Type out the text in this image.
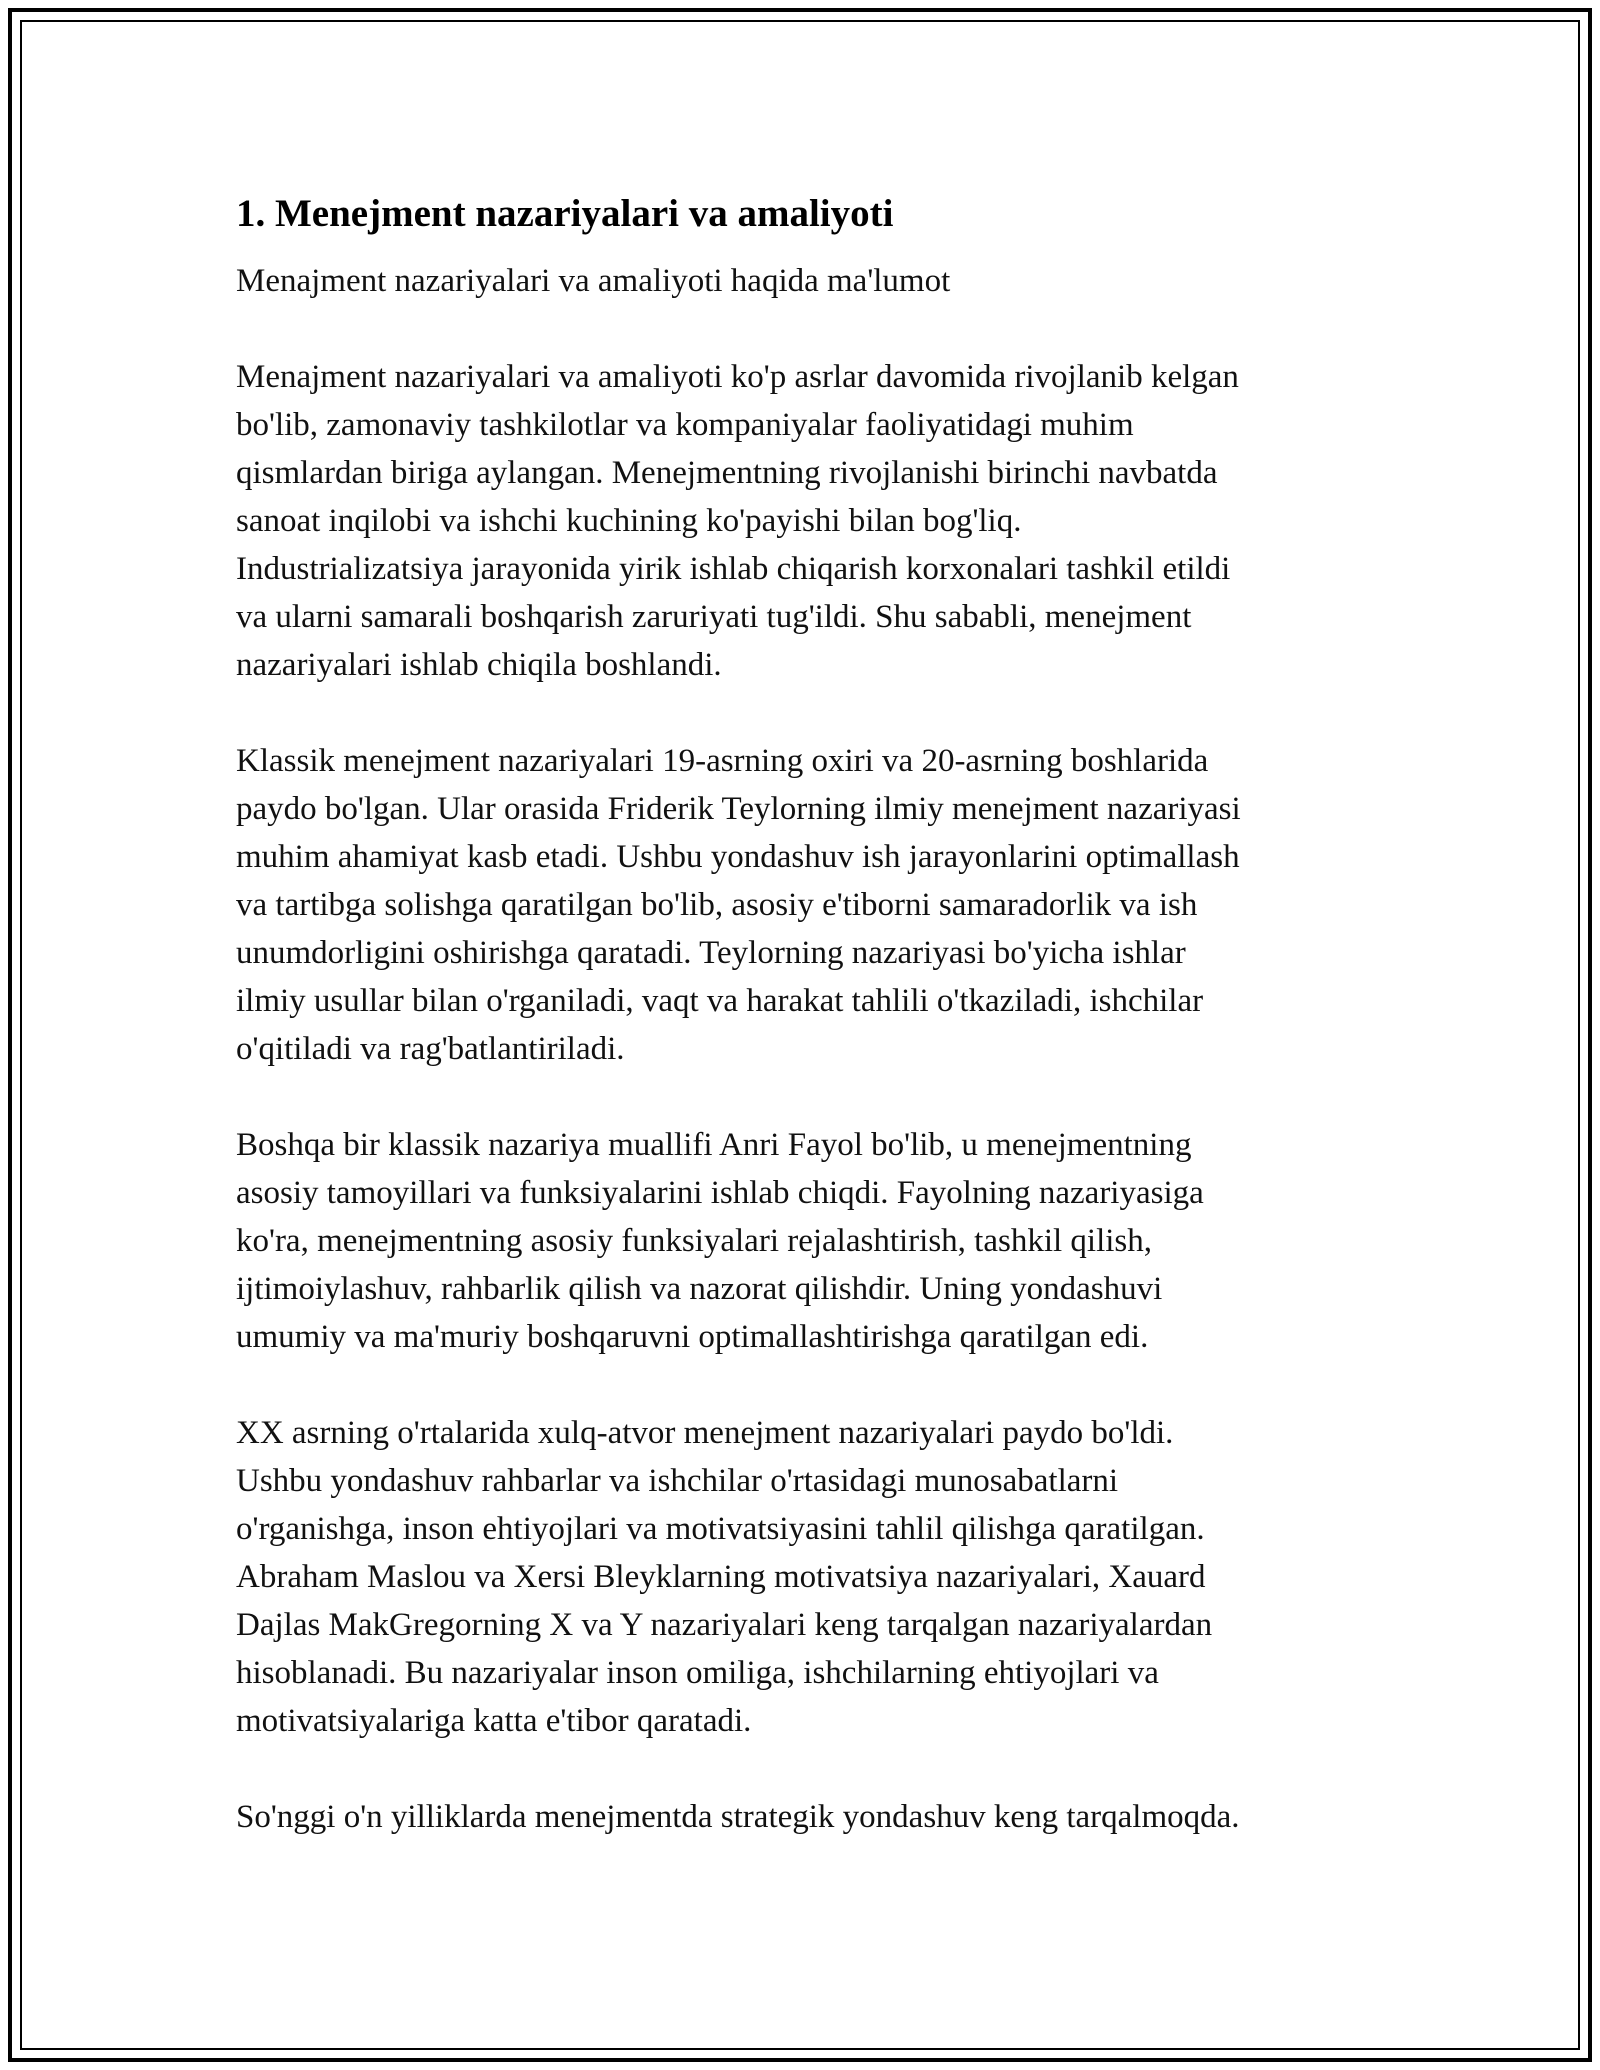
1. Menejment nazariyalari va amaliyoti
Menajment nazariyalari va amaliyoti haqida ma'lumot

Menajment nazariyalari va amaliyoti ko'p asrlar davomida rivojlanib kelgan
bo'lib, zamonaviy tashkilotlar va kompaniyalar faoliyatidagi muhim
qismlardan biriga aylangan. Menejmentning rivojlanishi birinchi navbatda
sanoat inqilobi va ishchi kuchining ko'payishi bilan bog'liq.
Industrializatsiya jarayonida yirik ishlab chiqarish korxonalari tashkil etildi
va ularni samarali boshqarish zaruriyati tug'ildi. Shu sababli, menejment
nazariyalari ishlab chiqila boshlandi.

Klassik menejment nazariyalari 19-asrning oxiri va 20-asrning boshlarida
paydo bo'lgan. Ular orasida Friderik Teylorning ilmiy menejment nazariyasi
muhim ahamiyat kasb etadi. Ushbu yondashuv ish jarayonlarini optimallash
va tartibga solishga qaratilgan bo'lib, asosiy e'tiborni samaradorlik va ish
unumdorligini oshirishga qaratadi. Teylorning nazariyasi bo'yicha ishlar
ilmiy usullar bilan o'rganiladi, vaqt va harakat tahlili o'tkaziladi, ishchilar
o'qitiladi va rag'batlantiriladi.

Boshqa bir klassik nazariya muallifi Anri Fayol bo'lib, u menejmentning
asosiy tamoyillari va funksiyalarini ishlab chiqdi. Fayolning nazariyasiga
ko'ra, menejmentning asosiy funksiyalari rejalashtirish, tashkil qilish,
ijtimoiylashuv, rahbarlik qilish va nazorat qilishdir. Uning yondashuvi
umumiy va ma'muriy boshqaruvni optimallashtirishga qaratilgan edi.

XX asrning o'rtalarida xulq-atvor menejment nazariyalari paydo bo'ldi.
Ushbu yondashuv rahbarlar va ishchilar o'rtasidagi munosabatlarni
o'rganishga, inson ehtiyojlari va motivatsiyasini tahlil qilishga qaratilgan.
Abraham Maslou va Xersi Bleyklarning motivatsiya nazariyalari, Xauard
Dajlas MakGregorning X va Y nazariyalari keng tarqalgan nazariyalardan
hisoblanadi. Bu nazariyalar inson omiliga, ishchilarning ehtiyojlari va
motivatsiyalariga katta e'tibor qaratadi.

So'nggi o'n yilliklarda menejmentda strategik yondashuv keng tarqalmoqda.
